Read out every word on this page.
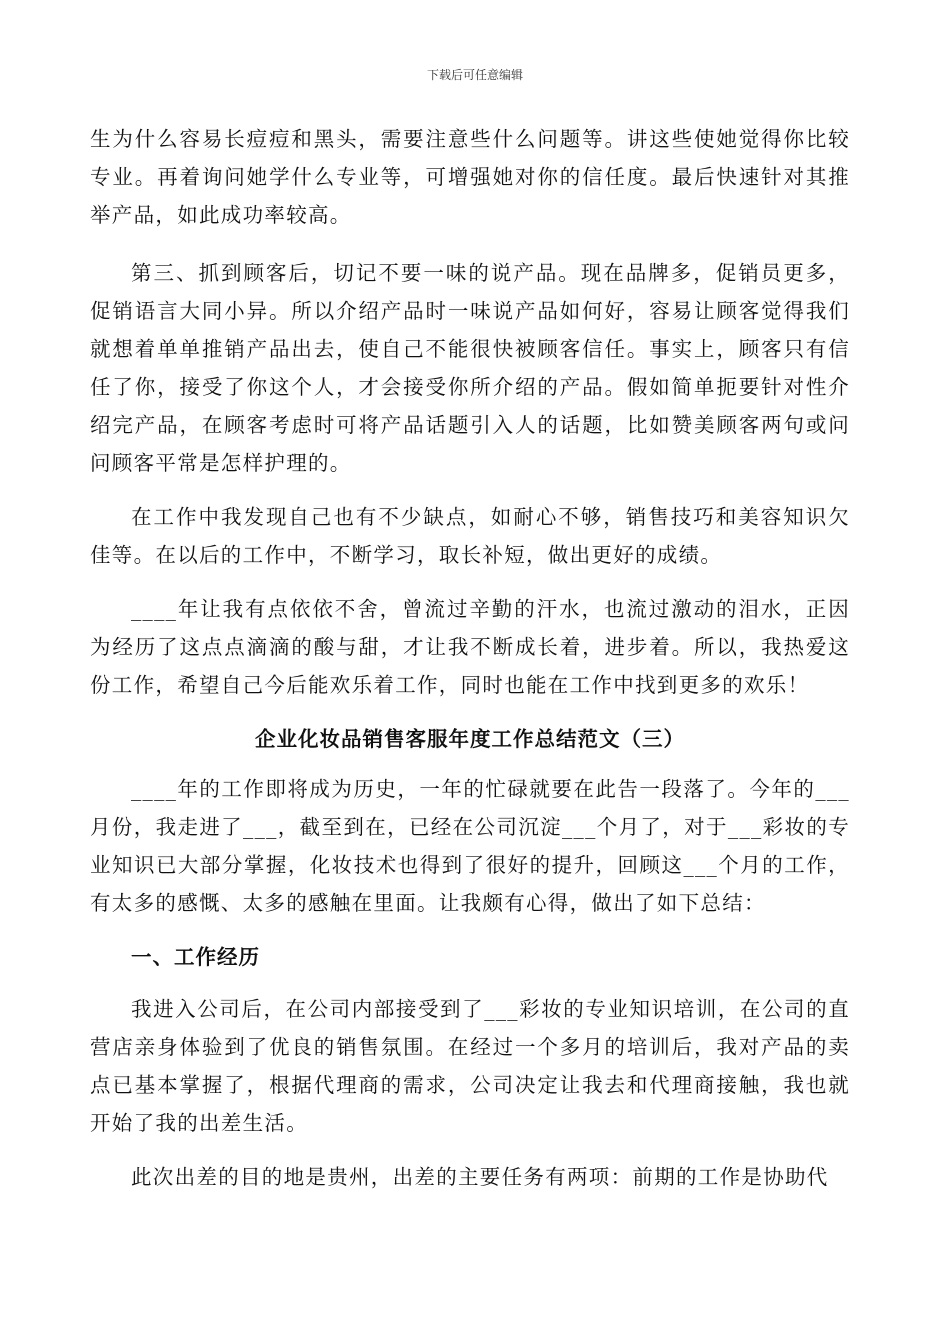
下载后可任意编辑

生为什么容易长痘痘和黑头，需要注意些什么问题等。讲这些使她觉得你比较专业。再着询问她学什么专业等，可增强她对你的信任度。最后快速针对其推举产品，如此成功率较高。

第三、抓到顾客后，切记不要一味的说产品。现在品牌多，促销员更多，促销语言大同小异。所以介绍产品时一味说产品如何好，容易让顾客觉得我们就想着单单推销产品出去，使自己不能很快被顾客信任。事实上，顾客只有信任了你，接受了你这个人，才会接受你所介绍的产品。假如简单扼要针对性介绍完产品，在顾客考虑时可将产品话题引入人的话题，比如赞美顾客两句或问问顾客平常是怎样护理的。

在工作中我发现自己也有不少缺点，如耐心不够，销售技巧和美容知识欠佳等。在以后的工作中，不断学习，取长补短，做出更好的成绩。

____年让我有点依依不舍，曾流过辛勤的汗水，也流过激动的泪水，正因为经历了这点点滴滴的酸与甜，才让我不断成长着，进步着。所以，我热爱这份工作，希望自己今后能欢乐着工作，同时也能在工作中找到更多的欢乐！

企业化妆品销售客服年度工作总结范文（三）

____年的工作即将成为历史，一年的忙碌就要在此告一段落了。今年的___月份，我走进了___，截至到在，已经在公司沉淀___个月了，对于___彩妆的专业知识已大部分掌握，化妆技术也得到了很好的提升，回顾这___个月的工作，有太多的感慨、太多的感触在里面。让我颇有心得，做出了如下总结：

一、工作经历

我进入公司后，在公司内部接受到了___彩妆的专业知识培训，在公司的直营店亲身体验到了优良的销售氛围。在经过一个多月的培训后，我对产品的卖点已基本掌握了，根据代理商的需求，公司决定让我去和代理商接触，我也就开始了我的出差生活。

此次出差的目的地是贵州，出差的主要任务有两项：前期的工作是协助代
